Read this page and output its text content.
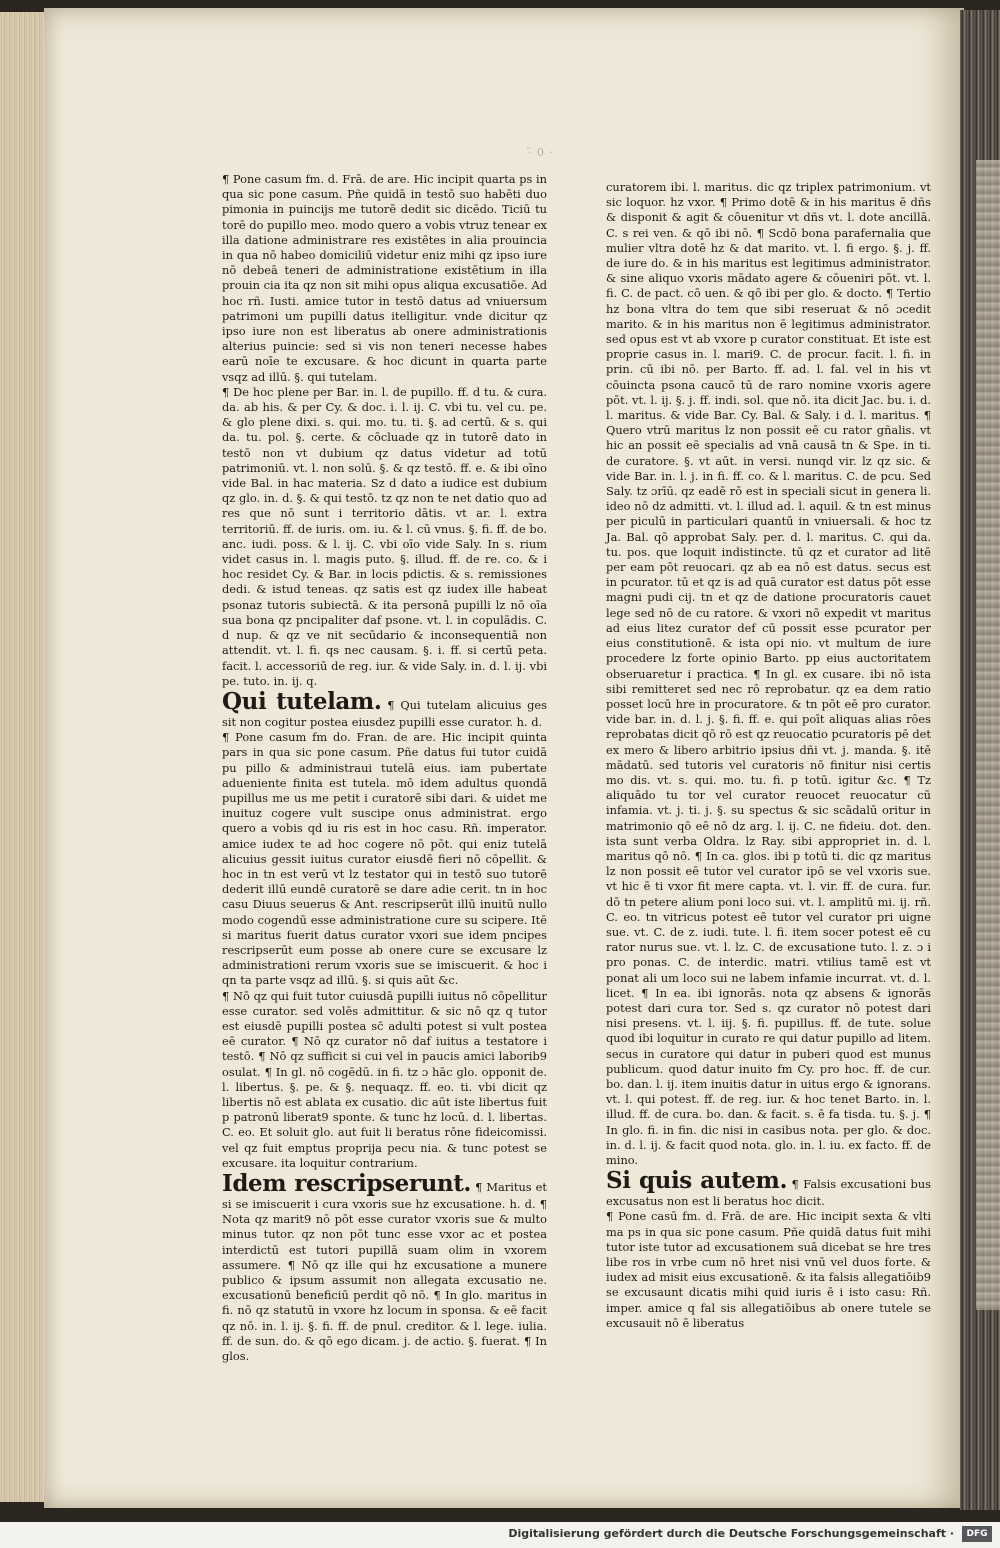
·̈ 0 ·

¶ Pone casum fm. d. Frā. de are. Hic incipit quarta ps in qua sic pone casum. Pñe quidā in testō suo habēti duo pimonia in puincijs me tutorē dedit sic dicēdo. Ticiū tu torē do pupillo meo. modo quero a vobis vtruz tenear ex illa datione administrare res existētes in alia prouincia in qua nō habeo domiciliū videtur eniz mihi qz ipso iure nō debeā teneri de administratione existētium in illa prouin cia ita qz non sit mihi opus aliqua excusatiōe. Ad hoc rñ. Iusti. amice tutor in testō datus ad vniuersum patrimoni um pupilli datus itelligitur. vnde dicitur qz ipso iure non est liberatus ab onere administrationis alterius puincie: sed si vis non teneri necesse habes earū noīe te excusare. & hoc dicunt in quarta parte vsqz ad illū. §. qui tutelam.

¶ De hoc plene per Bar. in. l. de pupillo. ff. d tu. & cura. da. ab his. & per Cy. & doc. i. l. ij. C. vbi tu. vel cu. pe. & glo plene dixi. s. qui. mo. tu. ti. §. ad certū. & s. qui da. tu. pol. §. certe. & cōcluade qz in tutorē dato in testō non vt dubium qz datus videtur ad totū patrimoniū. vt. l. non solū. §. & qz testō. ff. e. & ibi oīno vide Bal. in hac materia. Sz d dato a iudice est dubium qz glo. in. d. §. & qui testō. tz qz non te net datio quo ad res que nō sunt i territorio dātis. vt ar. l. extra territoriū. ff. de iuris. om. iu. & l. cū vnus. §. fi. ff. de bo. anc. iudi. poss. & l. ij. C. vbi oīo vide Saly. In s. rium videt casus in. l. magis puto. §. illud. ff. de re. co. & i hoc residet Cy. & Bar. in locis pdictis. & s. remissiones dedi. & istud teneas. qz satis est qz iudex ille habeat psonaz tutoris subiectā. & ita personā pupilli lz nō oīa sua bona qz pncipaliter daf psone. vt. l. in copulādis. C. d nup. & qz ve nit secūdario & inconsequentiā non attendit. vt. l. fi. qs nec causam. §. i. ff. si certū peta. facit. l. accessoriū de reg. iur. & vide Saly. in. d. l. ij. vbi pe. tuto. in. ij. q.

Qui tutelam. ¶ Qui tutelam alicuius ges sit non cogitur postea eiusdez pupilli esse curator. h. d.

¶ Pone casum fm do. Fran. de are. Hic incipit quinta pars in qua sic pone casum. Pñe datus fui tutor cuidā pu pillo & administraui tutelā eius. iam pubertate adueniente finita est tutela. mō idem adultus quondā pupillus me us me petit i curatorē sibi dari. & uidet me inuituz cogere vult suscipe onus administrat. ergo quero a vobis qd iu ris est in hoc casu. Rñ. imperator. amice iudex te ad hoc cogere nō pōt. qui eniz tutelā alicuius gessit iuitus curator eiusdē fieri nō cōpellit. & hoc in tn est verū vt lz testator qui in testō suo tutorē dederit illū eundē curatorē se dare adie cerit. tn in hoc casu Diuus seuerus & Ant. rescripserūt illū inuitū nullo modo cogendū esse administratione cure su scipere. Itē si maritus fuerit datus curator vxori sue idem pncipes rescripserūt eum posse ab onere cure se excusare lz administrationi rerum vxoris sue se imiscuerit. & hoc i qn ta parte vsqz ad illū. §. si quis aūt &c.

¶ Nō qz qui fuit tutor cuiusdā pupilli iuitus nō cōpellitur esse curator. sed volēs admittitur. & sic nō qz q tutor est eiusdē pupilli postea sc̄ adulti potest si vult postea eē curator. ¶ Nō qz curator nō daf iuitus a testatore i testō. ¶ Nō qz sufficit si cui vel in paucis amici laborib9 osulat. ¶ In gl. nō cogēdū. in fi. tz ɔ hāc glo. opponit de. l. libertus. §. pe. & §. nequaqz. ff. eo. ti. vbi dicit qz libertis nō est ablata ex cusatio. dic aūt iste libertus fuit p patronū liberat9 sponte. & tunc hz locū. d. l. libertas. C. eo. Et soluit glo. aut fuit li beratus rōne fideicomissi. vel qz fuit emptus proprija pecu nia. & tunc potest se excusare. ita loquitur contrarium.

Idem rescripserunt. ¶ Maritus et si se imiscuerit i cura vxoris sue hz excusatione. h. d. ¶ Nota qz marit9 nō pōt esse curator vxoris sue & multo minus tutor. qz non pōt tunc esse vxor ac et postea interdictū est tutori pupillā suam olim in vxorem assumere. ¶ Nō qz ille qui hz excusatione a munere publico & ipsum assumit non allegata excusatio ne. excusationū beneficiū perdit qō nō. ¶ In glo. maritus in fi. nō qz statutū in vxore hz locum in sponsa. & eē facit qz nō. in. l. ij. §. fi. ff. de pnul. creditor. & l. lege. iulia. ff. de sun. do. & qō ego dicam. j. de actio. §. fuerat. ¶ In glos.

curatorem ibi. l. maritus. dic qz triplex patrimonium. vt sic loquor. hz vxor. ¶ Primo dotē & in his maritus ē dñs & disponit & agit & cōuenitur vt dñs vt. l. dote ancillā. C. s rei ven. & qō ibi nō. ¶ Scdō bona parafernalia que mulier vltra dotē hz & dat marito. vt. l. fi ergo. §. j. ff. de iure do. & in his maritus est legitimus administrator. & sine aliquo vxoris mādato agere & cōueniri pōt. vt. l. fi. C. de pact. cō uen. & qō ibi per glo. & docto. ¶ Tertio hz bona vltra do tem que sibi reseruat & nō ɔcedit marito. & in his maritus non ē legitimus administrator. sed opus est vt ab vxore p curator constituat. Et iste est proprie casus in. l. mari9. C. de procur. facit. l. fi. in prin. cū ibi nō. per Barto. ff. ad. l. fal. vel in his vt cōuincta psona caucō tū de raro nomine vxoris agere pōt. vt. l. ij. §. j. ff. indi. sol. que nō. ita dicit Jac. bu. i. d. l. maritus. & vide Bar. Cy. Bal. & Saly. i d. l. maritus. ¶ Quero vtrū maritus lz non possit eē cu rator gñalis. vt hic an possit eē specialis ad vnā causā tn & Spe. in ti. de curatore. §. vt aūt. in versi. nunqd vir. lz qz sic. & vide Bar. in. l. j. in fi. ff. co. & l. maritus. C. de pcu. Sed Saly. tz ɔrīū. qz eadē rō est in speciali sicut in genera li. ideo nō dz admitti. vt. l. illud ad. l. aquil. & tn est minus per piculū in particulari quantū in vniuersali. & hoc tz Ja. Bal. qō approbat Saly. per. d. l. maritus. C. qui da. tu. pos. que loquit indistincte. tū qz et curator ad litē per eam pōt reuocari. qz ab ea nō est datus. secus est in pcurator. tū et qz is ad quā curator est datus pōt esse magni pudi cij. tn et qz de datione procuratoris cauet lege sed nō de cu ratore. & vxori nō expedit vt maritus ad eius litez curator def cū possit esse pcurator per eius constitutionē. & ista opi nio. vt multum de iure procedere lz forte opinio Barto. pp eius auctoritatem obseruaretur i practica. ¶ In gl. ex cusare. ibi nō ista sibi remitteret sed nec rō reprobatur. qz ea dem ratio posset locū hre in procuratore. & tn pōt eē pro curator. vide bar. in. d. l. j. §. fi. ff. e. qui poīt aliquas alias rōes reprobatas dicit qō rō est qz reuocatio pcuratoris pē det ex mero & libero arbitrio ipsius dñi vt. j. manda. §. itē mādatū. sed tutoris vel curatoris nō finitur nisi certis mo dis. vt. s. qui. mo. tu. fi. p totū. igitur &c. ¶ Tz aliquādo tu tor vel curator reuocet reuocatur cū infamia. vt. j. ti. j. §. su spectus & sic scādalū oritur in matrimonio qō eē nō dz arg. l. ij. C. ne fideiu. dot. den. ista sunt verba Oldra. lz Ray. sibi appropriet in. d. l. maritus qō nō. ¶ In ca. glos. ibi p totū ti. dic qz maritus lz non possit eē tutor vel curator ipō se vel vxoris sue. vt hic ē ti vxor fit mere capta. vt. l. vir. ff. de cura. fur. dō tn petere alium poni loco sui. vt. l. amplitū mi. ij. rñ. C. eo. tn vitricus potest eē tutor vel curator pri uigne sue. vt. C. de z. iudi. tute. l. fi. item socer potest eē cu rator nurus sue. vt. l. lz. C. de excusatione tuto. l. z. ɔ i pro ponas. C. de interdic. matri. vtilius tamē est vt ponat ali um loco sui ne labem infamie incurrat. vt. d. l. licet. ¶ In ea. ibi ignorās. nota qz absens & ignorās potest dari cura tor. Sed s. qz curator nō potest dari nisi presens. vt. l. iij. §. fi. pupillus. ff. de tute. solue quod ibi loquitur in curato re qui datur pupillo ad litem. secus in curatore qui datur in puberi quod est munus publicum. quod datur inuito fm Cy. pro hoc. ff. de cur. bo. dan. l. ij. item inuitis datur in uitus ergo & ignorans. vt. l. qui potest. ff. de reg. iur. & hoc tenet Barto. in. l. illud. ff. de cura. bo. dan. & facit. s. ē fa tisda. tu. §. j. ¶ In glo. fi. in fin. dic nisi in casibus nota. per glo. & doc. in. d. l. ij. & facit quod nota. glo. in. l. iu. ex facto. ff. de mino.

Si quis autem. ¶ Falsis excusationi bus excusatus non est li beratus hoc dicit.

¶ Pone casū fm. d. Frā. de are. Hic incipit sexta & vlti ma ps in qua sic pone casum. Pñe quidā datus fuit mihi tutor iste tutor ad excusationem suā dicebat se hre tres libe ros in vrbe cum nō hret nisi vnū vel duos forte. & iudex ad misit eius excusationē. & ita falsis allegatiōib9 se excusaunt dicatis mihi quid iuris ē i isto casu: Rñ. imper. amice q fal sis allegatiōibus ab onere tutele se excusauit nō ē liberatus

Digitalisierung gefördert durch die Deutsche Forschungsgemeinschaft ·	DFG
